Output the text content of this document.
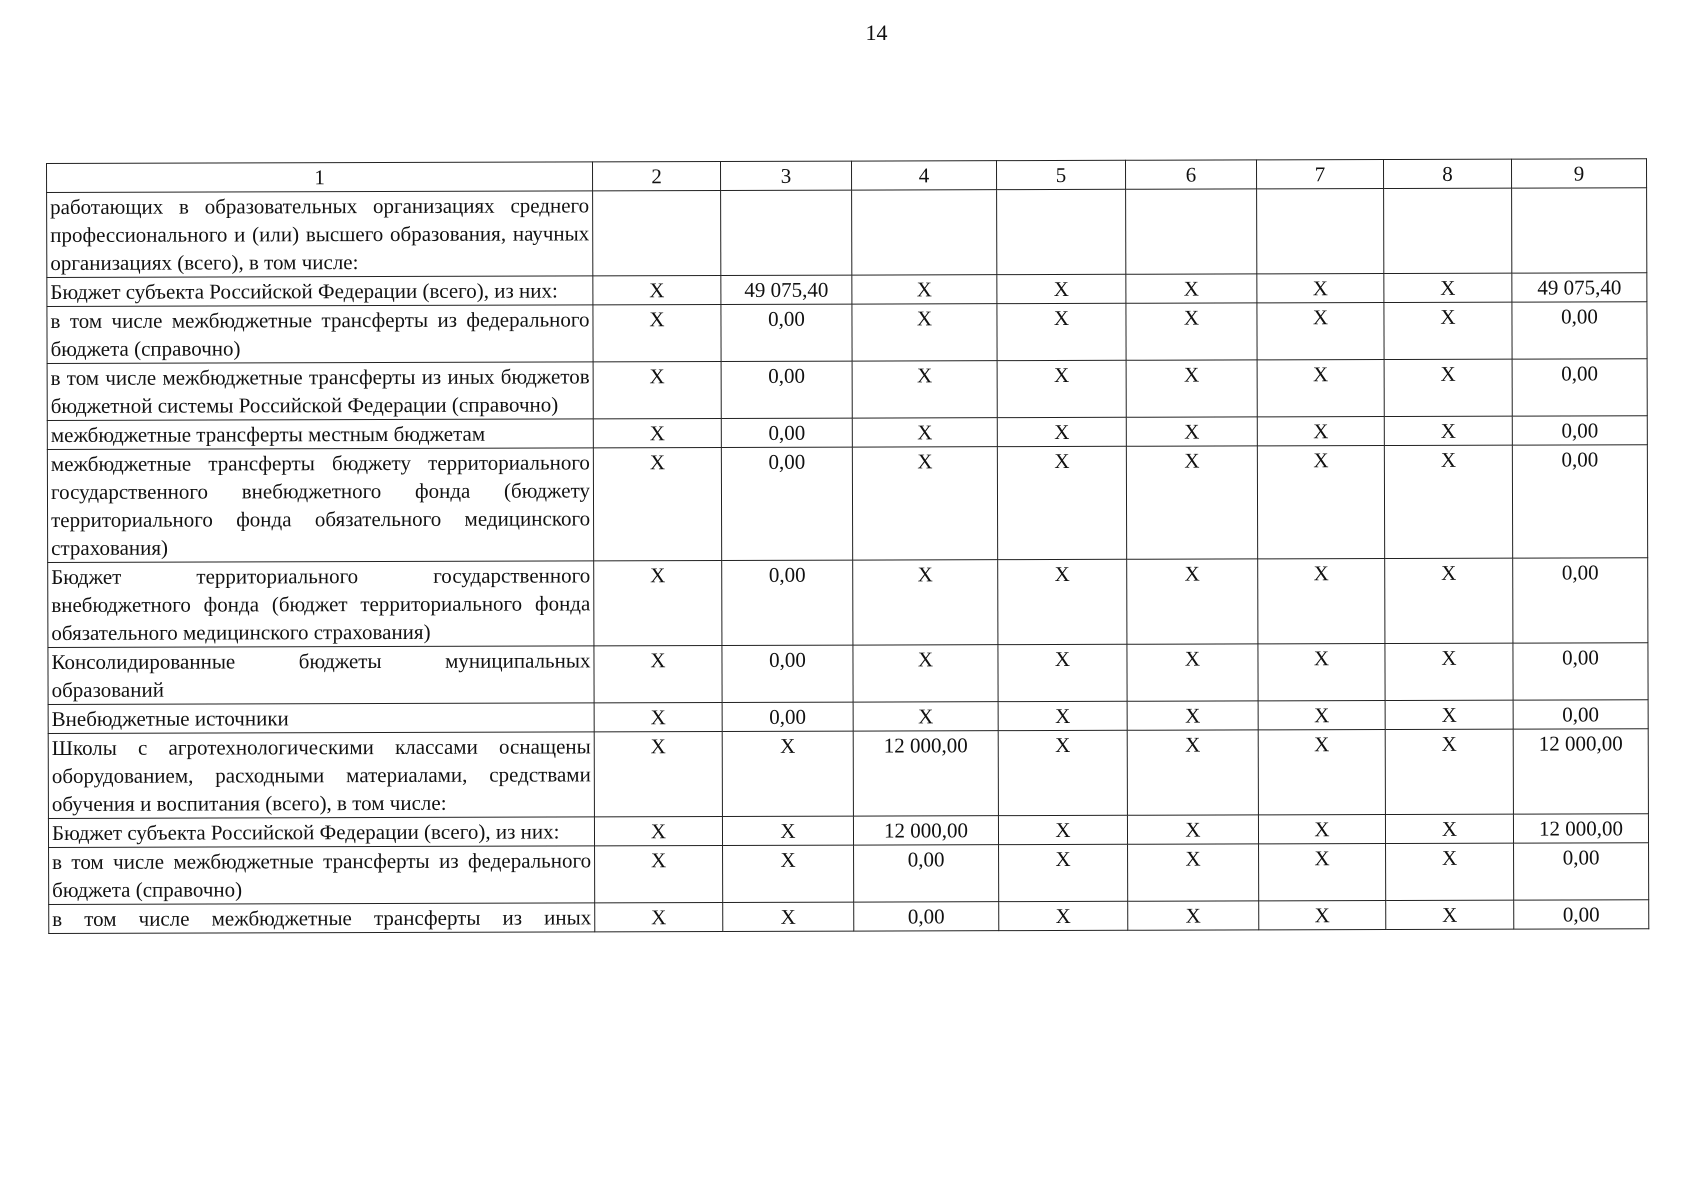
14
1	2	3	4	5	6	7	8	9
работающих в образовательных организациях среднего профессионального и (или) высшего образования, научных организациях (всего), в том числе:								
Бюджет субъекта Российской Федерации (всего), из них:	X	49 075,40	X	X	X	X	X	49 075,40
в том числе межбюджетные трансферты из федерального бюджета (справочно)	X	0,00	X	X	X	X	X	0,00
в том числе межбюджетные трансферты из иных бюджетов бюджетной системы Российской Федерации (справочно)	X	0,00	X	X	X	X	X	0,00
межбюджетные трансферты местным бюджетам	X	0,00	X	X	X	X	X	0,00
межбюджетные трансферты бюджету территориального государственного внебюджетного фонда (бюджету территориального фонда обязательного медицинского страхования)	X	0,00	X	X	X	X	X	0,00
Бюджет территориального государственного внебюджетного фонда (бюджет территориального фонда обязательного медицинского страхования)	X	0,00	X	X	X	X	X	0,00
Консолидированные бюджеты муниципальных образований	X	0,00	X	X	X	X	X	0,00
Внебюджетные источники	X	0,00	X	X	X	X	X	0,00
Школы с агротехнологическими классами оснащены оборудованием, расходными материалами, средствами обучения и воспитания (всего), в том числе:	X	X	12 000,00	X	X	X	X	12 000,00
Бюджет субъекта Российской Федерации (всего), из них:	X	X	12 000,00	X	X	X	X	12 000,00
в том числе межбюджетные трансферты из федерального бюджета (справочно)	X	X	0,00	X	X	X	X	0,00
в том числе межбюджетные трансферты из иных	X	X	0,00	X	X	X	X	0,00
